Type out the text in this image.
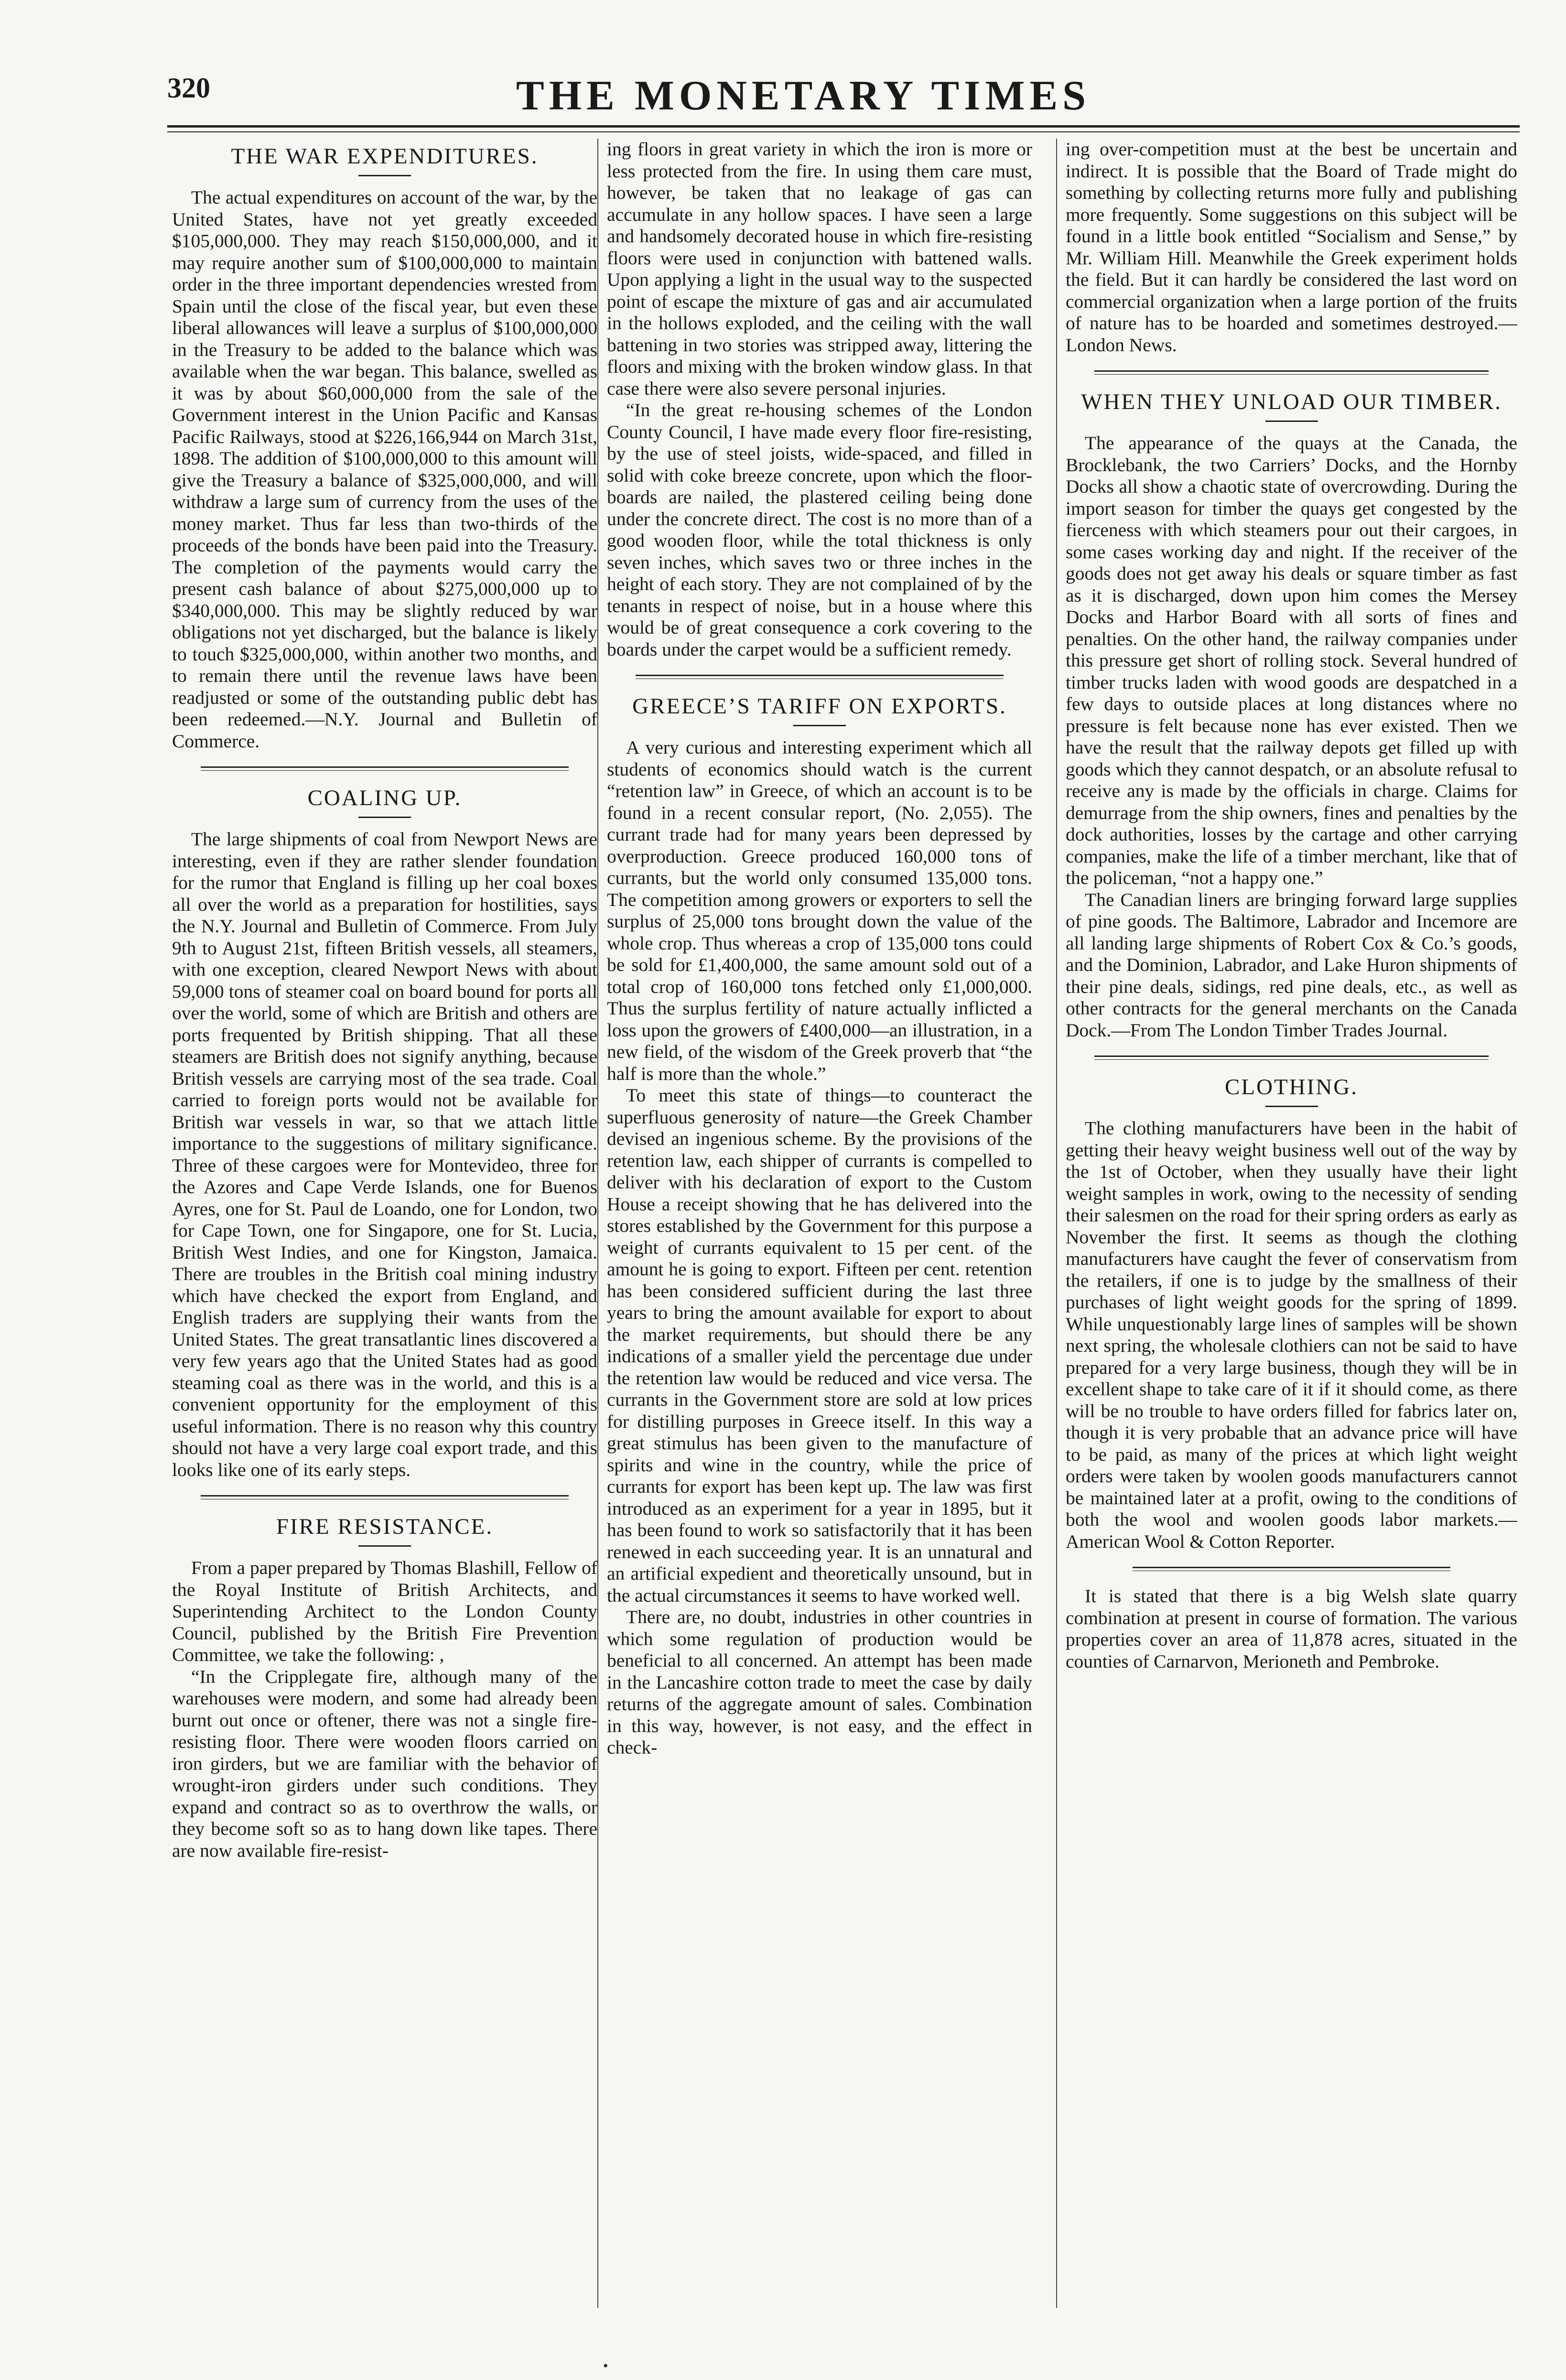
320	THE MONETARY TIMES
THE WAR EXPENDITURES.

The actual expenditures on account of the war, by the United States, have not yet greatly exceeded $105,000,000. They may reach $150,000,000, and it may require another sum of $100,000,000 to maintain order in the three important dependencies wrested from Spain until the close of the fiscal year, but even these liberal allowances will leave a surplus of $100,000,000 in the Treasury to be added to the balance which was available when the war began. This balance, swelled as it was by about $60,000,000 from the sale of the Government interest in the Union Pacific and Kansas Pacific Railways, stood at $226,166,944 on March 31st, 1898. The addition of $100,000,000 to this amount will give the Treasury a balance of $325,000,000, and will withdraw a large sum of currency from the uses of the money market. Thus far less than two-thirds of the proceeds of the bonds have been paid into the Treasury. The completion of the payments would carry the present cash balance of about $275,000,000 up to $340,000,000. This may be slightly reduced by war obligations not yet discharged, but the balance is likely to touch $325,000,000, within another two months, and to remain there until the revenue laws have been readjusted or some of the outstanding public debt has been redeemed.—N.Y. Journal and Bulletin of Commerce.

COALING UP.

The large shipments of coal from Newport News are interesting, even if they are rather slender foundation for the rumor that England is filling up her coal boxes all over the world as a preparation for hostilities, says the N.Y. Journal and Bulletin of Commerce. From July 9th to August 21st, fifteen British vessels, all steamers, with one exception, cleared Newport News with about 59,000 tons of steamer coal on board bound for ports all over the world, some of which are British and others are ports frequented by British shipping. That all these steamers are British does not signify anything, because British vessels are carrying most of the sea trade. Coal carried to foreign ports would not be available for British war vessels in war, so that we attach little importance to the suggestions of military significance. Three of these cargoes were for Montevideo, three for the Azores and Cape Verde Islands, one for Buenos Ayres, one for St. Paul de Loando, one for London, two for Cape Town, one for Singapore, one for St. Lucia, British West Indies, and one for Kingston, Jamaica. There are troubles in the British coal mining industry which have checked the export from England, and English traders are supplying their wants from the United States. The great transatlantic lines discovered a very few years ago that the United States had as good steaming coal as there was in the world, and this is a convenient opportunity for the employment of this useful information. There is no reason why this country should not have a very large coal export trade, and this looks like one of its early steps.

FIRE RESISTANCE.

From a paper prepared by Thomas Blashill, Fellow of the Royal Institute of British Architects, and Superintending Architect to the London County Council, published by the British Fire Prevention Committee, we take the following: ,

“In the Cripplegate fire, although many of the warehouses were modern, and some had already been burnt out once or oftener, there was not a single fire-resisting floor. There were wooden floors carried on iron girders, but we are familiar with the behavior of wrought-iron girders under such conditions. They expand and contract so as to overthrow the walls, or they become soft so as to hang down like tapes. There are now available fire-resist-

ing floors in great variety in which the iron is more or less protected from the fire. In using them care must, however, be taken that no leakage of gas can accumulate in any hollow spaces. I have seen a large and handsomely decorated house in which fire-resisting floors were used in conjunction with battened walls. Upon applying a light in the usual way to the suspected point of escape the mixture of gas and air accumulated in the hollows exploded, and the ceiling with the wall battening in two stories was stripped away, littering the floors and mixing with the broken window glass. In that case there were also severe personal injuries.

“In the great re-housing schemes of the London County Council, I have made every floor fire-resisting, by the use of steel joists, wide-spaced, and filled in solid with coke breeze concrete, upon which the floor-boards are nailed, the plastered ceiling being done under the concrete direct. The cost is no more than of a good wooden floor, while the total thickness is only seven inches, which saves two or three inches in the height of each story. They are not complained of by the tenants in respect of noise, but in a house where this would be of great consequence a cork covering to the boards under the carpet would be a sufficient remedy.

GREECE’S TARIFF ON EXPORTS.

A very curious and interesting experiment which all students of economics should watch is the current “retention law” in Greece, of which an account is to be found in a recent consular report, (No. 2,055). The currant trade had for many years been depressed by overproduction. Greece produced 160,000 tons of currants, but the world only consumed 135,000 tons. The competition among growers or exporters to sell the surplus of 25,000 tons brought down the value of the whole crop. Thus whereas a crop of 135,000 tons could be sold for £1,400,000, the same amount sold out of a total crop of 160,000 tons fetched only £1,000,000. Thus the surplus fertility of nature actually inflicted a loss upon the growers of £400,000—an illustration, in a new field, of the wisdom of the Greek proverb that “the half is more than the whole.”

To meet this state of things—to counteract the superfluous generosity of nature—the Greek Chamber devised an ingenious scheme. By the provisions of the retention law, each shipper of currants is compelled to deliver with his declaration of export to the Custom House a receipt showing that he has delivered into the stores established by the Government for this purpose a weight of currants equivalent to 15 per cent. of the amount he is going to export. Fifteen per cent. retention has been considered sufficient during the last three years to bring the amount available for export to about the market requirements, but should there be any indications of a smaller yield the percentage due under the retention law would be reduced and vice versa. The currants in the Government store are sold at low prices for distilling purposes in Greece itself. In this way a great stimulus has been given to the manufacture of spirits and wine in the country, while the price of currants for export has been kept up. The law was first introduced as an experiment for a year in 1895, but it has been found to work so satisfactorily that it has been renewed in each succeeding year. It is an unnatural and an artificial expedient and theoretically unsound, but in the actual circumstances it seems to have worked well.

There are, no doubt, industries in other countries in which some regulation of production would be beneficial to all concerned. An attempt has been made in the Lancashire cotton trade to meet the case by daily returns of the aggregate amount of sales. Combination in this way, however, is not easy, and the effect in check-

ing over-competition must at the best be uncertain and indirect. It is possible that the Board of Trade might do something by collecting returns more fully and publishing more frequently. Some suggestions on this subject will be found in a little book entitled “Socialism and Sense,” by Mr. William Hill. Meanwhile the Greek experiment holds the field. But it can hardly be considered the last word on commercial organization when a large portion of the fruits of nature has to be hoarded and sometimes destroyed.—London News.

WHEN THEY UNLOAD OUR TIMBER.

The appearance of the quays at the Canada, the Brocklebank, the two Carriers’ Docks, and the Hornby Docks all show a chaotic state of overcrowding. During the import season for timber the quays get congested by the fierceness with which steamers pour out their cargoes, in some cases working day and night. If the receiver of the goods does not get away his deals or square timber as fast as it is discharged, down upon him comes the Mersey Docks and Harbor Board with all sorts of fines and penalties. On the other hand, the railway companies under this pressure get short of rolling stock. Several hundred of timber trucks laden with wood goods are despatched in a few days to outside places at long distances where no pressure is felt because none has ever existed. Then we have the result that the railway depots get filled up with goods which they cannot despatch, or an absolute refusal to receive any is made by the officials in charge. Claims for demurrage from the ship owners, fines and penalties by the dock authorities, losses by the cartage and other carrying companies, make the life of a timber merchant, like that of the policeman, “not a happy one.”

The Canadian liners are bringing forward large supplies of pine goods. The Baltimore, Labrador and Incemore are all landing large shipments of Robert Cox & Co.’s goods, and the Dominion, Labrador, and Lake Huron shipments of their pine deals, sidings, red pine deals, etc., as well as other contracts for the general merchants on the Canada Dock.—From The London Timber Trades Journal.

CLOTHING.

The clothing manufacturers have been in the habit of getting their heavy weight business well out of the way by the 1st of October, when they usually have their light weight samples in work, owing to the necessity of sending their salesmen on the road for their spring orders as early as November the first. It seems as though the clothing manufacturers have caught the fever of conservatism from the retailers, if one is to judge by the smallness of their purchases of light weight goods for the spring of 1899. While unquestionably large lines of samples will be shown next spring, the wholesale clothiers can not be said to have prepared for a very large business, though they will be in excellent shape to take care of it if it should come, as there will be no trouble to have orders filled for fabrics later on, though it is very probable that an advance price will have to be paid, as many of the prices at which light weight orders were taken by woolen goods manufacturers cannot be maintained later at a profit, owing to the conditions of both the wool and woolen goods labor markets.—American Wool & Cotton Reporter.

It is stated that there is a big Welsh slate quarry combination at present in course of formation. The various properties cover an area of 11,878 acres, situated in the counties of Carnarvon, Merioneth and Pembroke.

•
